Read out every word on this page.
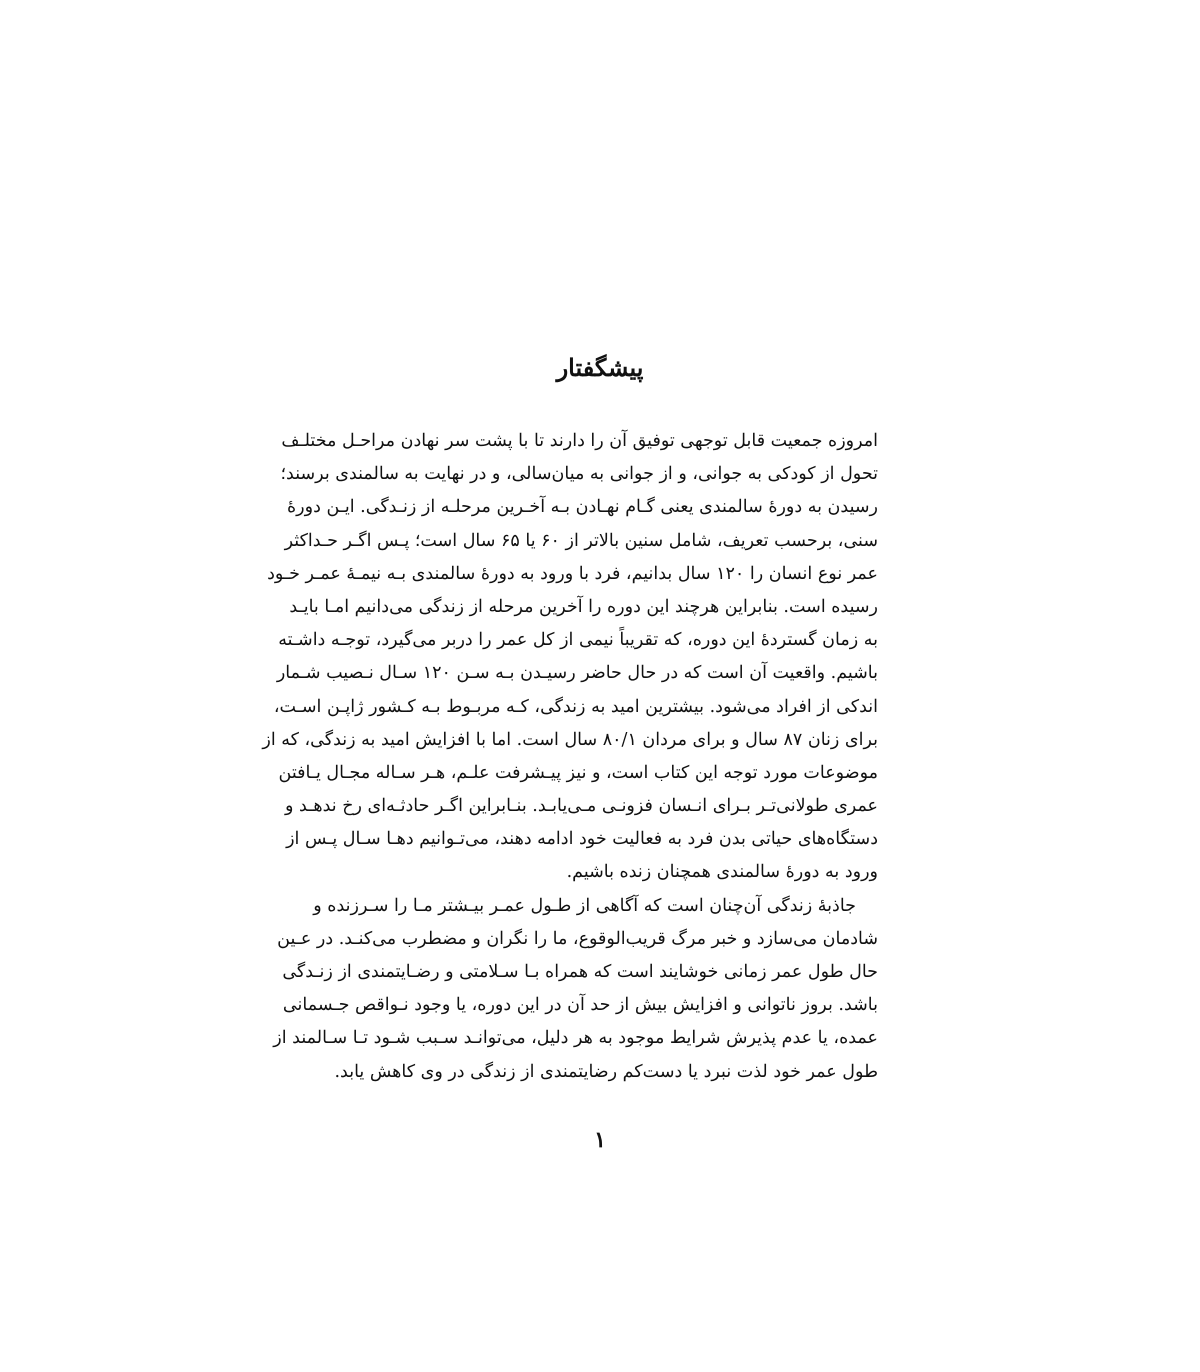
پیشگفتار
امروزه جمعیت قابل توجهی توفیق آن را دارند تا با پشت سر نهادن مراحـل مختلـف
تحول از کودکی به جوانی، و از جوانی به میان‌سالی، و در نهایت به سالمندی برسند؛
رسیدن به دورهٔ سالمندی یعنی گـام نهـادن بـه آخـرین مرحلـه از زنـدگی. ایـن دورهٔ
سنی، برحسب تعریف، شامل سنین بالاتر از ۶۰ یا ۶۵ سال است؛ پـس اگـر حـداکثر
عمر نوع انسان را ۱۲۰ سال بدانیم، فرد با ورود به دورهٔ سالمندی بـه نیمـهٔ عمـر خـود
رسیده است. بنابراین هرچند این دوره را آخرین مرحله از زندگی می‌دانیم امـا بایـد
به زمان گستردهٔ این دوره، که تقریباً نیمی از کل عمر را دربر می‌گیرد، توجـه داشـته
باشیم. واقعیت آن است که در حال حاضر رسیـدن بـه سـن ۱۲۰ سـال نـصیب شـمار
اندکی از افراد می‌شود. بیشترین امید به زندگی، کـه مربـوط بـه کـشور ژاپـن اسـت،
برای زنان ۸۷ سال و برای مردان ۸۰/۱ سال است. اما با افزایش امید به زندگی، که از
موضوعات مورد توجه این کتاب است، و نیز پیـشرفت علـم، هـر سـاله مجـال یـافتن
عمری طولانی‌تـر بـرای انـسان فزونـی مـی‌یابـد. بنـابراین اگـر حادثـه‌ای رخ ندهـد و
دستگاه‌های حیاتی بدن فرد به فعالیت خود ادامه دهند، می‌تـوانیم دهـا سـال پـس از
ورود به دورهٔ سالمندی همچنان زنده باشیم.
جاذبهٔ زندگی آن‌چنان است که آگاهی از طـول عمـر بیـشتر مـا را سـرزنده و
شادمان می‌سازد و خبر مرگ قریب‌الوقوع، ما را نگران و مضطرب می‌کنـد. در عـین
حال طول عمر زمانی خوشایند است که همراه بـا سـلامتی و رضـایتمندی از زنـدگی
باشد. بروز ناتوانی و افزایش بیش از حد آن در این دوره، یا وجود نـواقص جـسمانی
عمده، یا عدم پذیرش شرایط موجود به هر دلیل، می‌توانـد سـبب شـود تـا سـالمند از
طول عمر خود لذت نبرد یا دست‌کم رضایتمندی از زندگی در وی کاهش یابد.
۱
